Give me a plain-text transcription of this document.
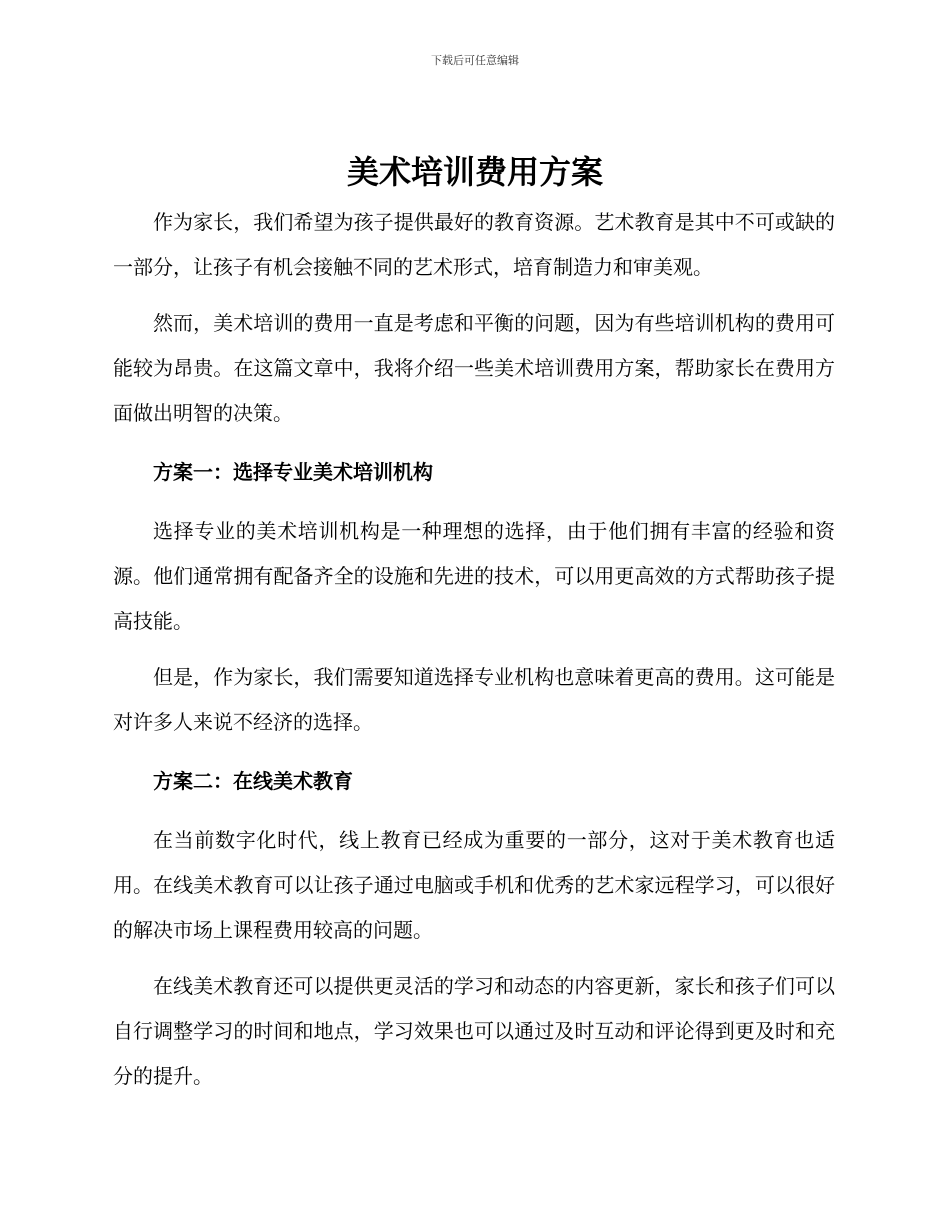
下载后可任意编辑
美术培训费用方案

作为家长，我们希望为孩子提供最好的教育资源。艺术教育是其中不可或缺的一部分，让孩子有机会接触不同的艺术形式，培育制造力和审美观。

然而，美术培训的费用一直是考虑和平衡的问题，因为有些培训机构的费用可能较为昂贵。在这篇文章中，我将介绍一些美术培训费用方案，帮助家长在费用方面做出明智的决策。

方案一：选择专业美术培训机构

选择专业的美术培训机构是一种理想的选择，由于他们拥有丰富的经验和资源。他们通常拥有配备齐全的设施和先进的技术，可以用更高效的方式帮助孩子提高技能。

但是，作为家长，我们需要知道选择专业机构也意味着更高的费用。这可能是对许多人来说不经济的选择。

方案二：在线美术教育

在当前数字化时代，线上教育已经成为重要的一部分，这对于美术教育也适用。在线美术教育可以让孩子通过电脑或手机和优秀的艺术家远程学习，可以很好的解决市场上课程费用较高的问题。

在线美术教育还可以提供更灵活的学习和动态的内容更新，家长和孩子们可以自行调整学习的时间和地点，学习效果也可以通过及时互动和评论得到更及时和充分的提升。
